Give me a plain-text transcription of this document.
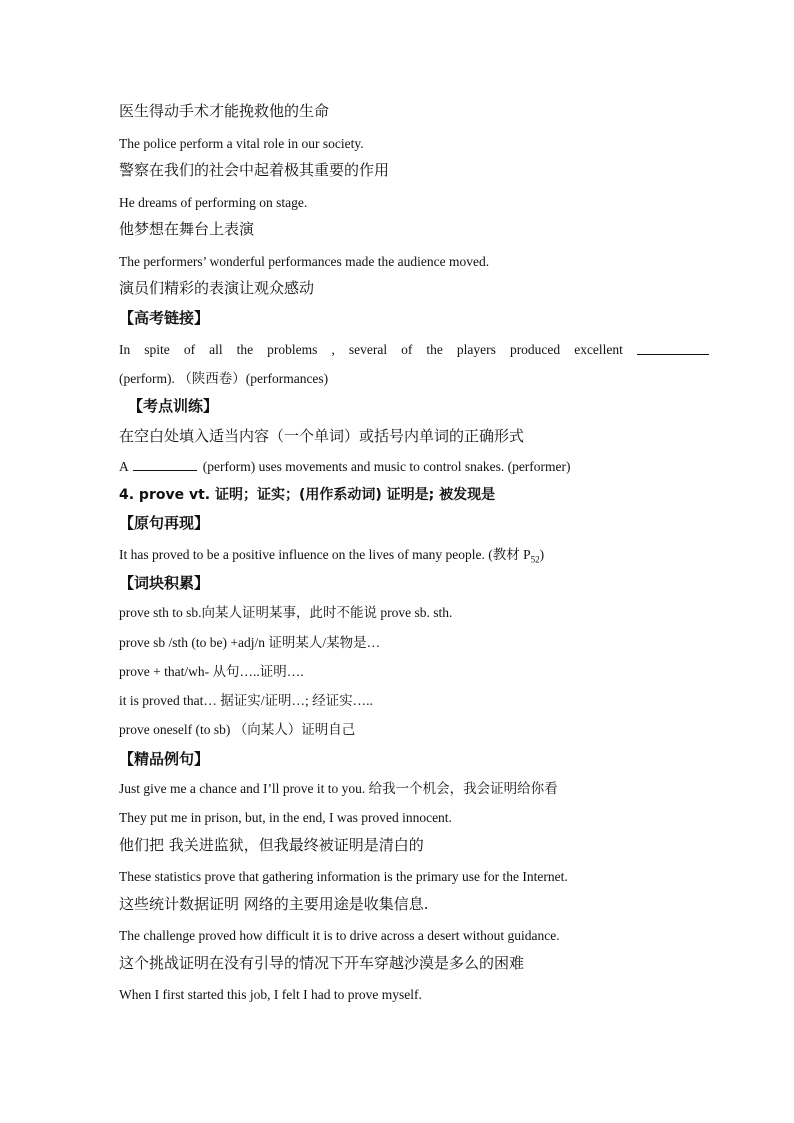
医生得动手术才能挽救他的生命
The police perform a vital role in our society.
警察在我们的社会中起着极其重要的作用
He dreams of performing on stage.
他梦想在舞台上表演
The performers’ wonderful performances made the audience moved.
演员们精彩的表演让观众感动
【高考链接】
In spite of all the problems , several of the players produced excellent
(perform). （陕西卷）(performances)
【考点训练】
在空白处填入适当内容（一个单词）或括号内单词的正确形式
A	(perform) uses movements and music to control snakes. (performer)
4. prove vt. 证明；证实；(用作系动词) 证明是; 被发现是
【原句再现】
It has proved to be a positive influence on the lives of many people. (教材 $P_{52}$)
【词块积累】
prove sth to sb.向某人证明某事，此时不能说 prove sb. sth.
prove sb /sth (to be) +adj/n 证明某人/某物是…
prove + that/wh- 从句…..证明….
it is proved that… 据证实/证明…; 经证实…..
prove oneself (to sb) （向某人）证明自己
【精品例句】
Just give me a chance and I’ll prove it to you. 给我一个机会，我会证明给你看
They put me in prison, but, in the end, I was proved innocent.
他们把 我关进监狱，但我最终被证明是清白的
These statistics prove that gathering information is the primary use for the Internet.
这些统计数据证明 网络的主要用途是收集信息.
The challenge proved how difficult it is to drive across a desert without guidance.
这个挑战证明在没有引导的情况下开车穿越沙漠是多么的困难
When I first started this job, I felt I had to prove myself.
